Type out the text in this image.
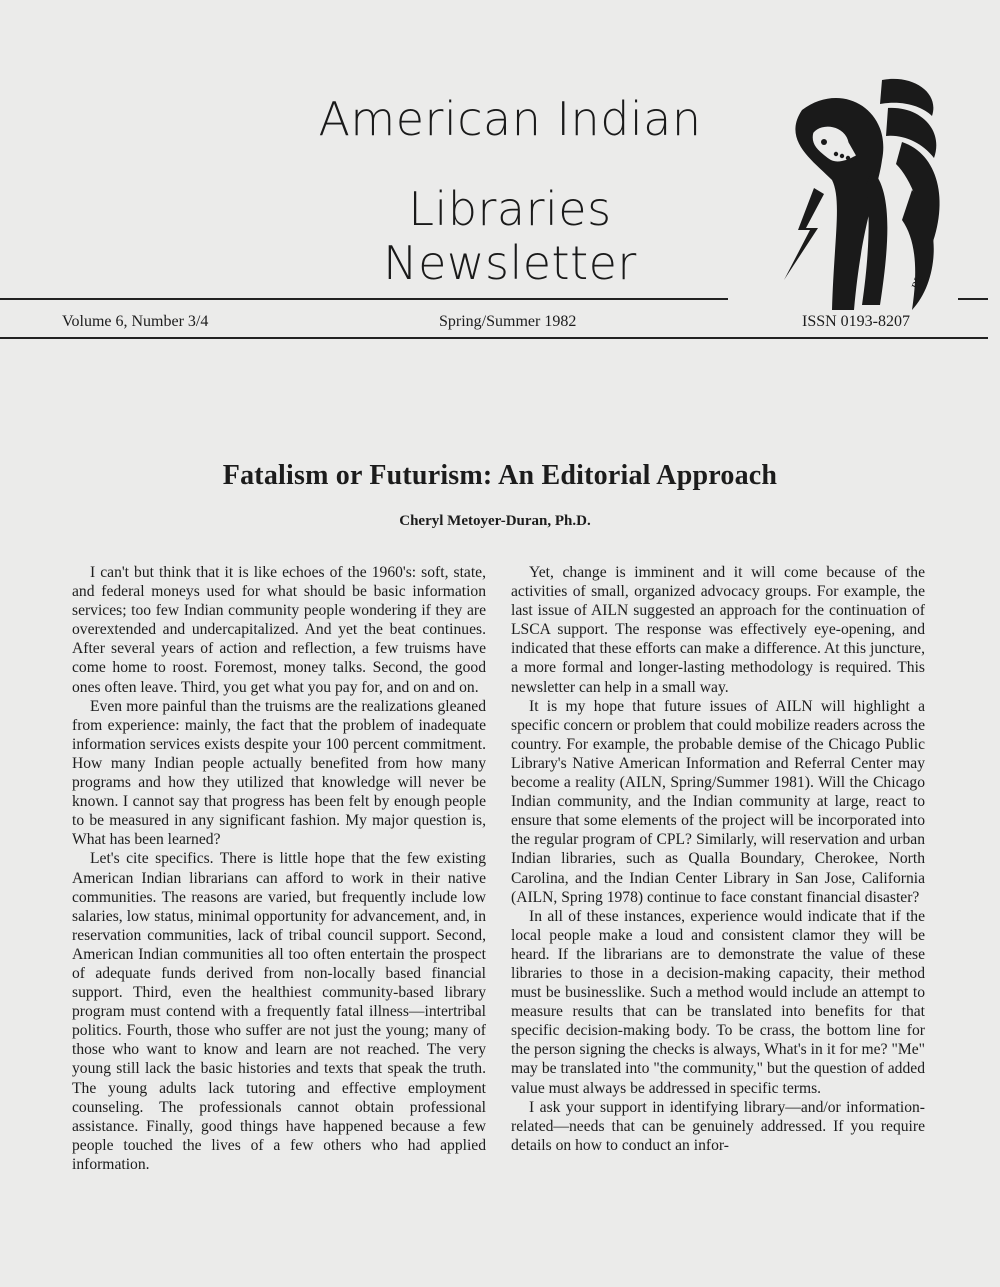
American Indian
Libraries Newsletter	RH
Volume 6, Number 3/4	Spring/Summer 1982	ISSN 0193-8207
Fatalism or Futurism: An Editorial Approach
Cheryl Metoyer-Duran, Ph.D.

I can't but think that it is like echoes of the 1960's: soft, state, and federal moneys used for what should be basic information services; too few Indian community people wondering if they are overextended and undercapitalized. And yet the beat continues. After several years of action and reflection, a few truisms have come home to roost. Foremost, money talks. Second, the good ones often leave. Third, you get what you pay for, and on and on.

Even more painful than the truisms are the realizations gleaned from experience: mainly, the fact that the problem of inadequate information services exists despite your 100 percent commitment. How many Indian people actually benefited from how many programs and how they utilized that knowledge will never be known. I cannot say that progress has been felt by enough people to be measured in any significant fashion. My major question is, What has been learned?

Let's cite specifics. There is little hope that the few existing American Indian librarians can afford to work in their native communities. The reasons are varied, but frequently include low salaries, low status, minimal opportunity for advancement, and, in reservation communities, lack of tribal council support. Second, American Indian communities all too often entertain the prospect of adequate funds derived from non-locally based financial support. Third, even the healthiest community-based library program must contend with a frequently fatal illness—intertribal politics. Fourth, those who suffer are not just the young; many of those who want to know and learn are not reached. The very young still lack the basic histories and texts that speak the truth. The young adults lack tutoring and effective employment counseling. The professionals cannot obtain professional assistance. Finally, good things have happened because a few people touched the lives of a few others who had applied information.

Yet, change is imminent and it will come because of the activities of small, organized advocacy groups. For example, the last issue of AILN suggested an approach for the continuation of LSCA support. The response was effectively eye-opening, and indicated that these efforts can make a difference. At this juncture, a more formal and longer-lasting methodology is required. This newsletter can help in a small way.

It is my hope that future issues of AILN will highlight a specific concern or problem that could mobilize readers across the country. For example, the probable demise of the Chicago Public Library's Native American Information and Referral Center may become a reality (AILN, Spring/Summer 1981). Will the Chicago Indian community, and the Indian community at large, react to ensure that some elements of the project will be incorporated into the regular program of CPL? Similarly, will reservation and urban Indian libraries, such as Qualla Boundary, Cherokee, North Carolina, and the Indian Center Library in San Jose, California (AILN, Spring 1978) continue to face constant financial disaster?

In all of these instances, experience would indicate that if the local people make a loud and consistent clamor they will be heard. If the librarians are to demonstrate the value of these libraries to those in a decision-making capacity, their method must be businesslike. Such a method would include an attempt to measure results that can be translated into benefits for that specific decision-making body. To be crass, the bottom line for the person signing the checks is always, What's in it for me? "Me" may be translated into "the community," but the question of added value must always be addressed in specific terms.

I ask your support in identifying library—and/or information-related—needs that can be genuinely addressed. If you require details on how to conduct an infor-
